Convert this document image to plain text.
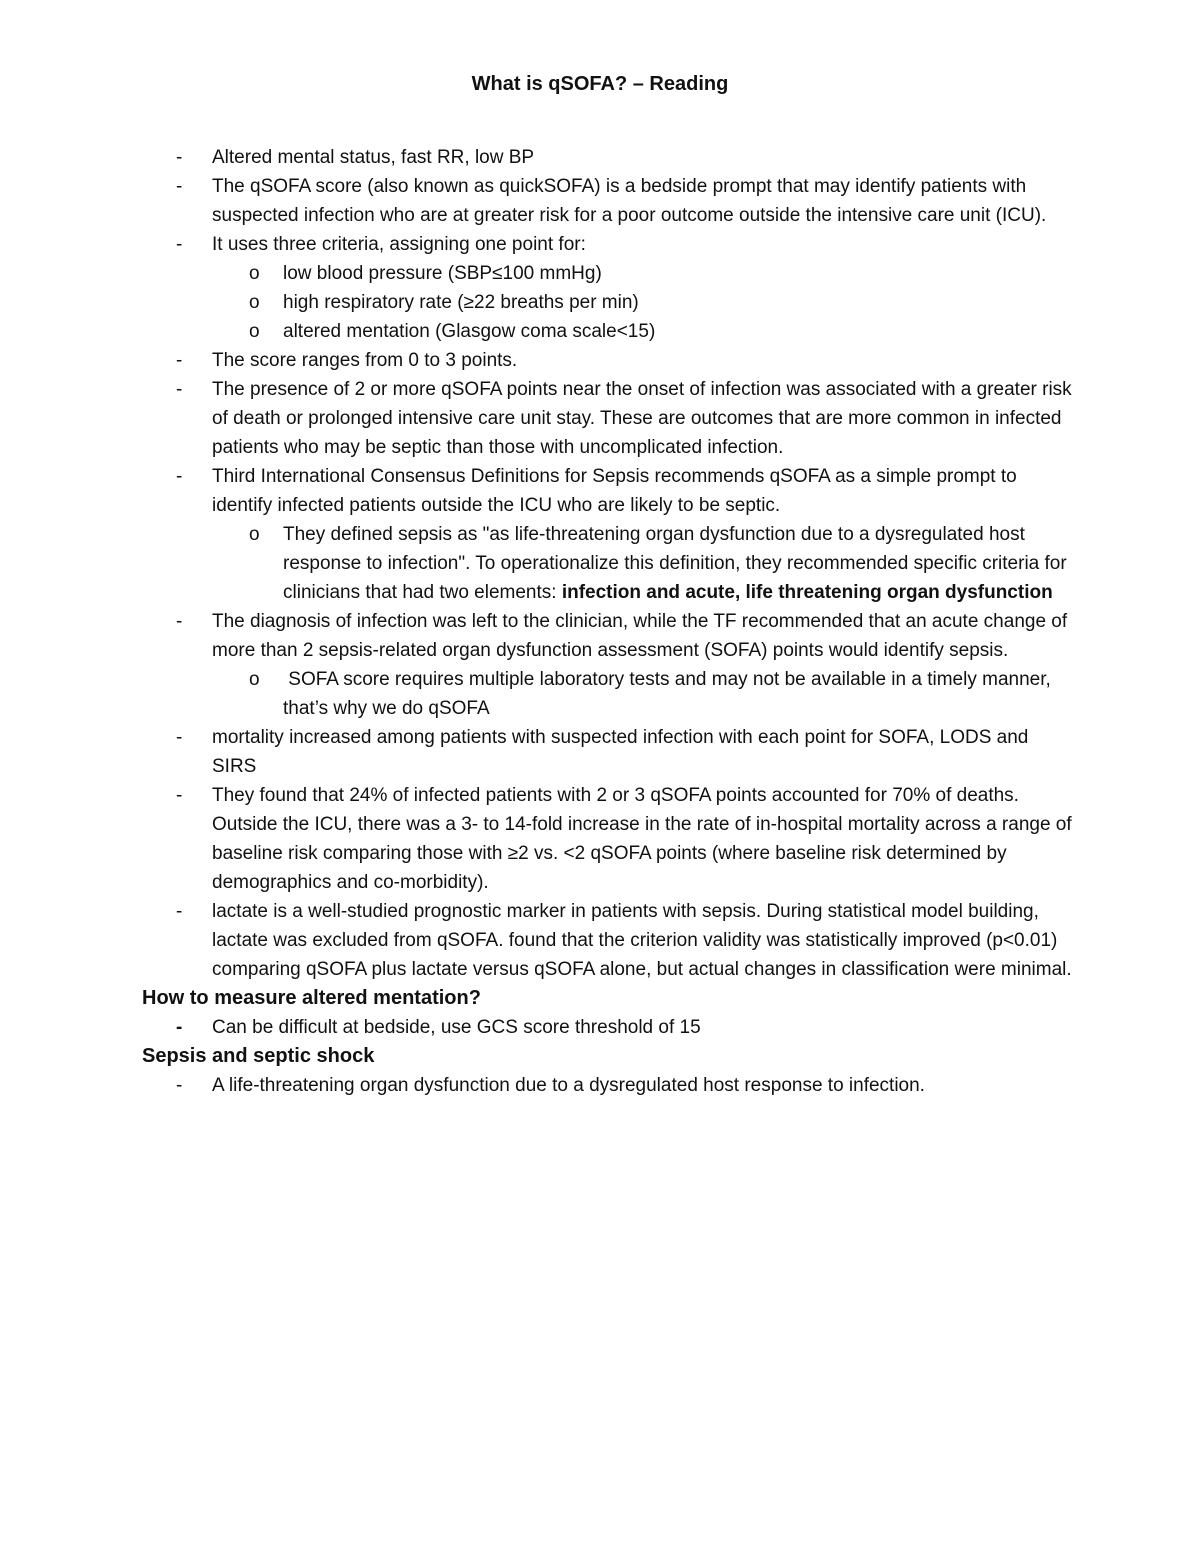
What is qSOFA? – Reading
- Altered mental status, fast RR, low BP
- The qSOFA score (also known as quickSOFA) is a bedside prompt that may identify patients with suspected infection who are at greater risk for a poor outcome outside the intensive care unit (ICU).
- It uses three criteria, assigning one point for:
o low blood pressure (SBP≤100 mmHg)
o high respiratory rate (≥22 breaths per min)
o altered mentation (Glasgow coma scale<15)
- The score ranges from 0 to 3 points.
- The presence of 2 or more qSOFA points near the onset of infection was associated with a greater risk of death or prolonged intensive care unit stay. These are outcomes that are more common in infected patients who may be septic than those with uncomplicated infection.
- Third International Consensus Definitions for Sepsis recommends qSOFA as a simple prompt to identify infected patients outside the ICU who are likely to be septic.
o They defined sepsis as "as life-threatening organ dysfunction due to a dysregulated host response to infection". To operationalize this definition, they recommended specific criteria for clinicians that had two elements: infection and acute, life threatening organ dysfunction
- The diagnosis of infection was left to the clinician, while the TF recommended that an acute change of more than 2 sepsis-related organ dysfunction assessment (SOFA) points would identify sepsis.
o SOFA score requires multiple laboratory tests and may not be available in a timely manner, that’s why we do qSOFA
- mortality increased among patients with suspected infection with each point for SOFA, LODS and SIRS
- They found that 24% of infected patients with 2 or 3 qSOFA points accounted for 70% of deaths. Outside the ICU, there was a 3- to 14-fold increase in the rate of in-hospital mortality across a range of baseline risk comparing those with ≥2 vs. <2 qSOFA points (where baseline risk determined by demographics and co-morbidity).
- lactate is a well-studied prognostic marker in patients with sepsis. During statistical model building, lactate was excluded from qSOFA. found that the criterion validity was statistically improved (p<0.01) comparing qSOFA plus lactate versus qSOFA alone, but actual changes in classification were minimal.
How to measure altered mentation?
- Can be difficult at bedside, use GCS score threshold of 15
Sepsis and septic shock
- A life-threatening organ dysfunction due to a dysregulated host response to infection.
